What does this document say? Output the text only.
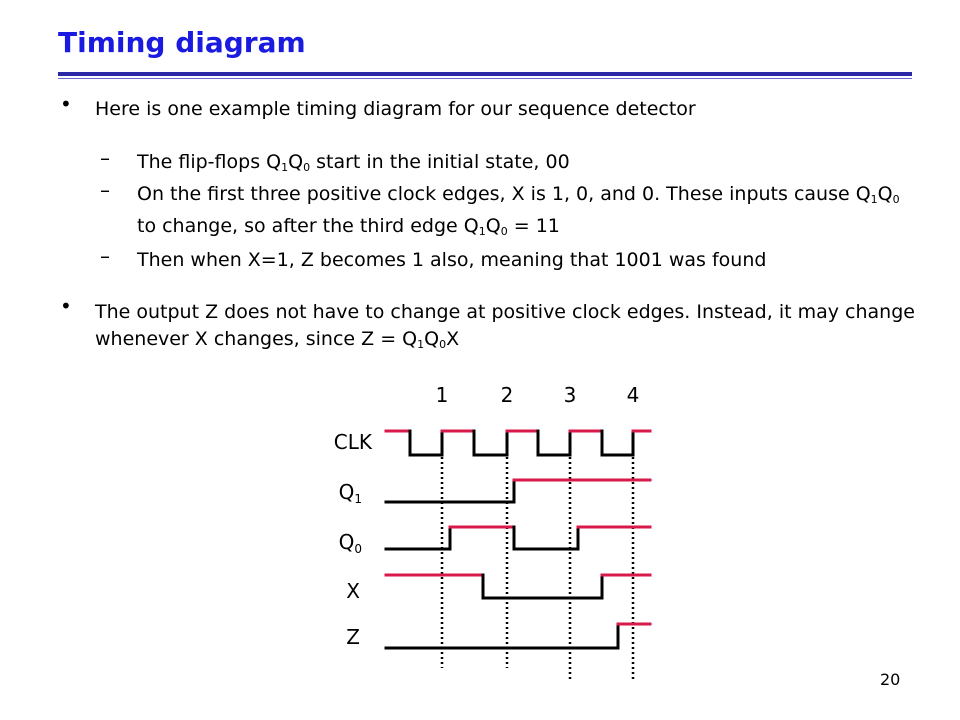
Timing diagram
• Here is one example timing diagram for our sequence detector

– The flip-flops $Q_1Q_0$ start in the initial state, 00

– On the first three positive clock edges, X is 1, 0, and 0. These inputs cause $Q_1Q_0$ to change, so after the third edge $Q_1Q_0 = 11$

– Then when X=1, Z becomes 1 also, meaning that 1001 was found

• The output Z does not have to change at positive clock edges. Instead, it may change whenever X changes, since $Z = Q_1Q_0X$

1	2	3	4
CLK
$Q_1$
$Q_0$
X
Z
20
